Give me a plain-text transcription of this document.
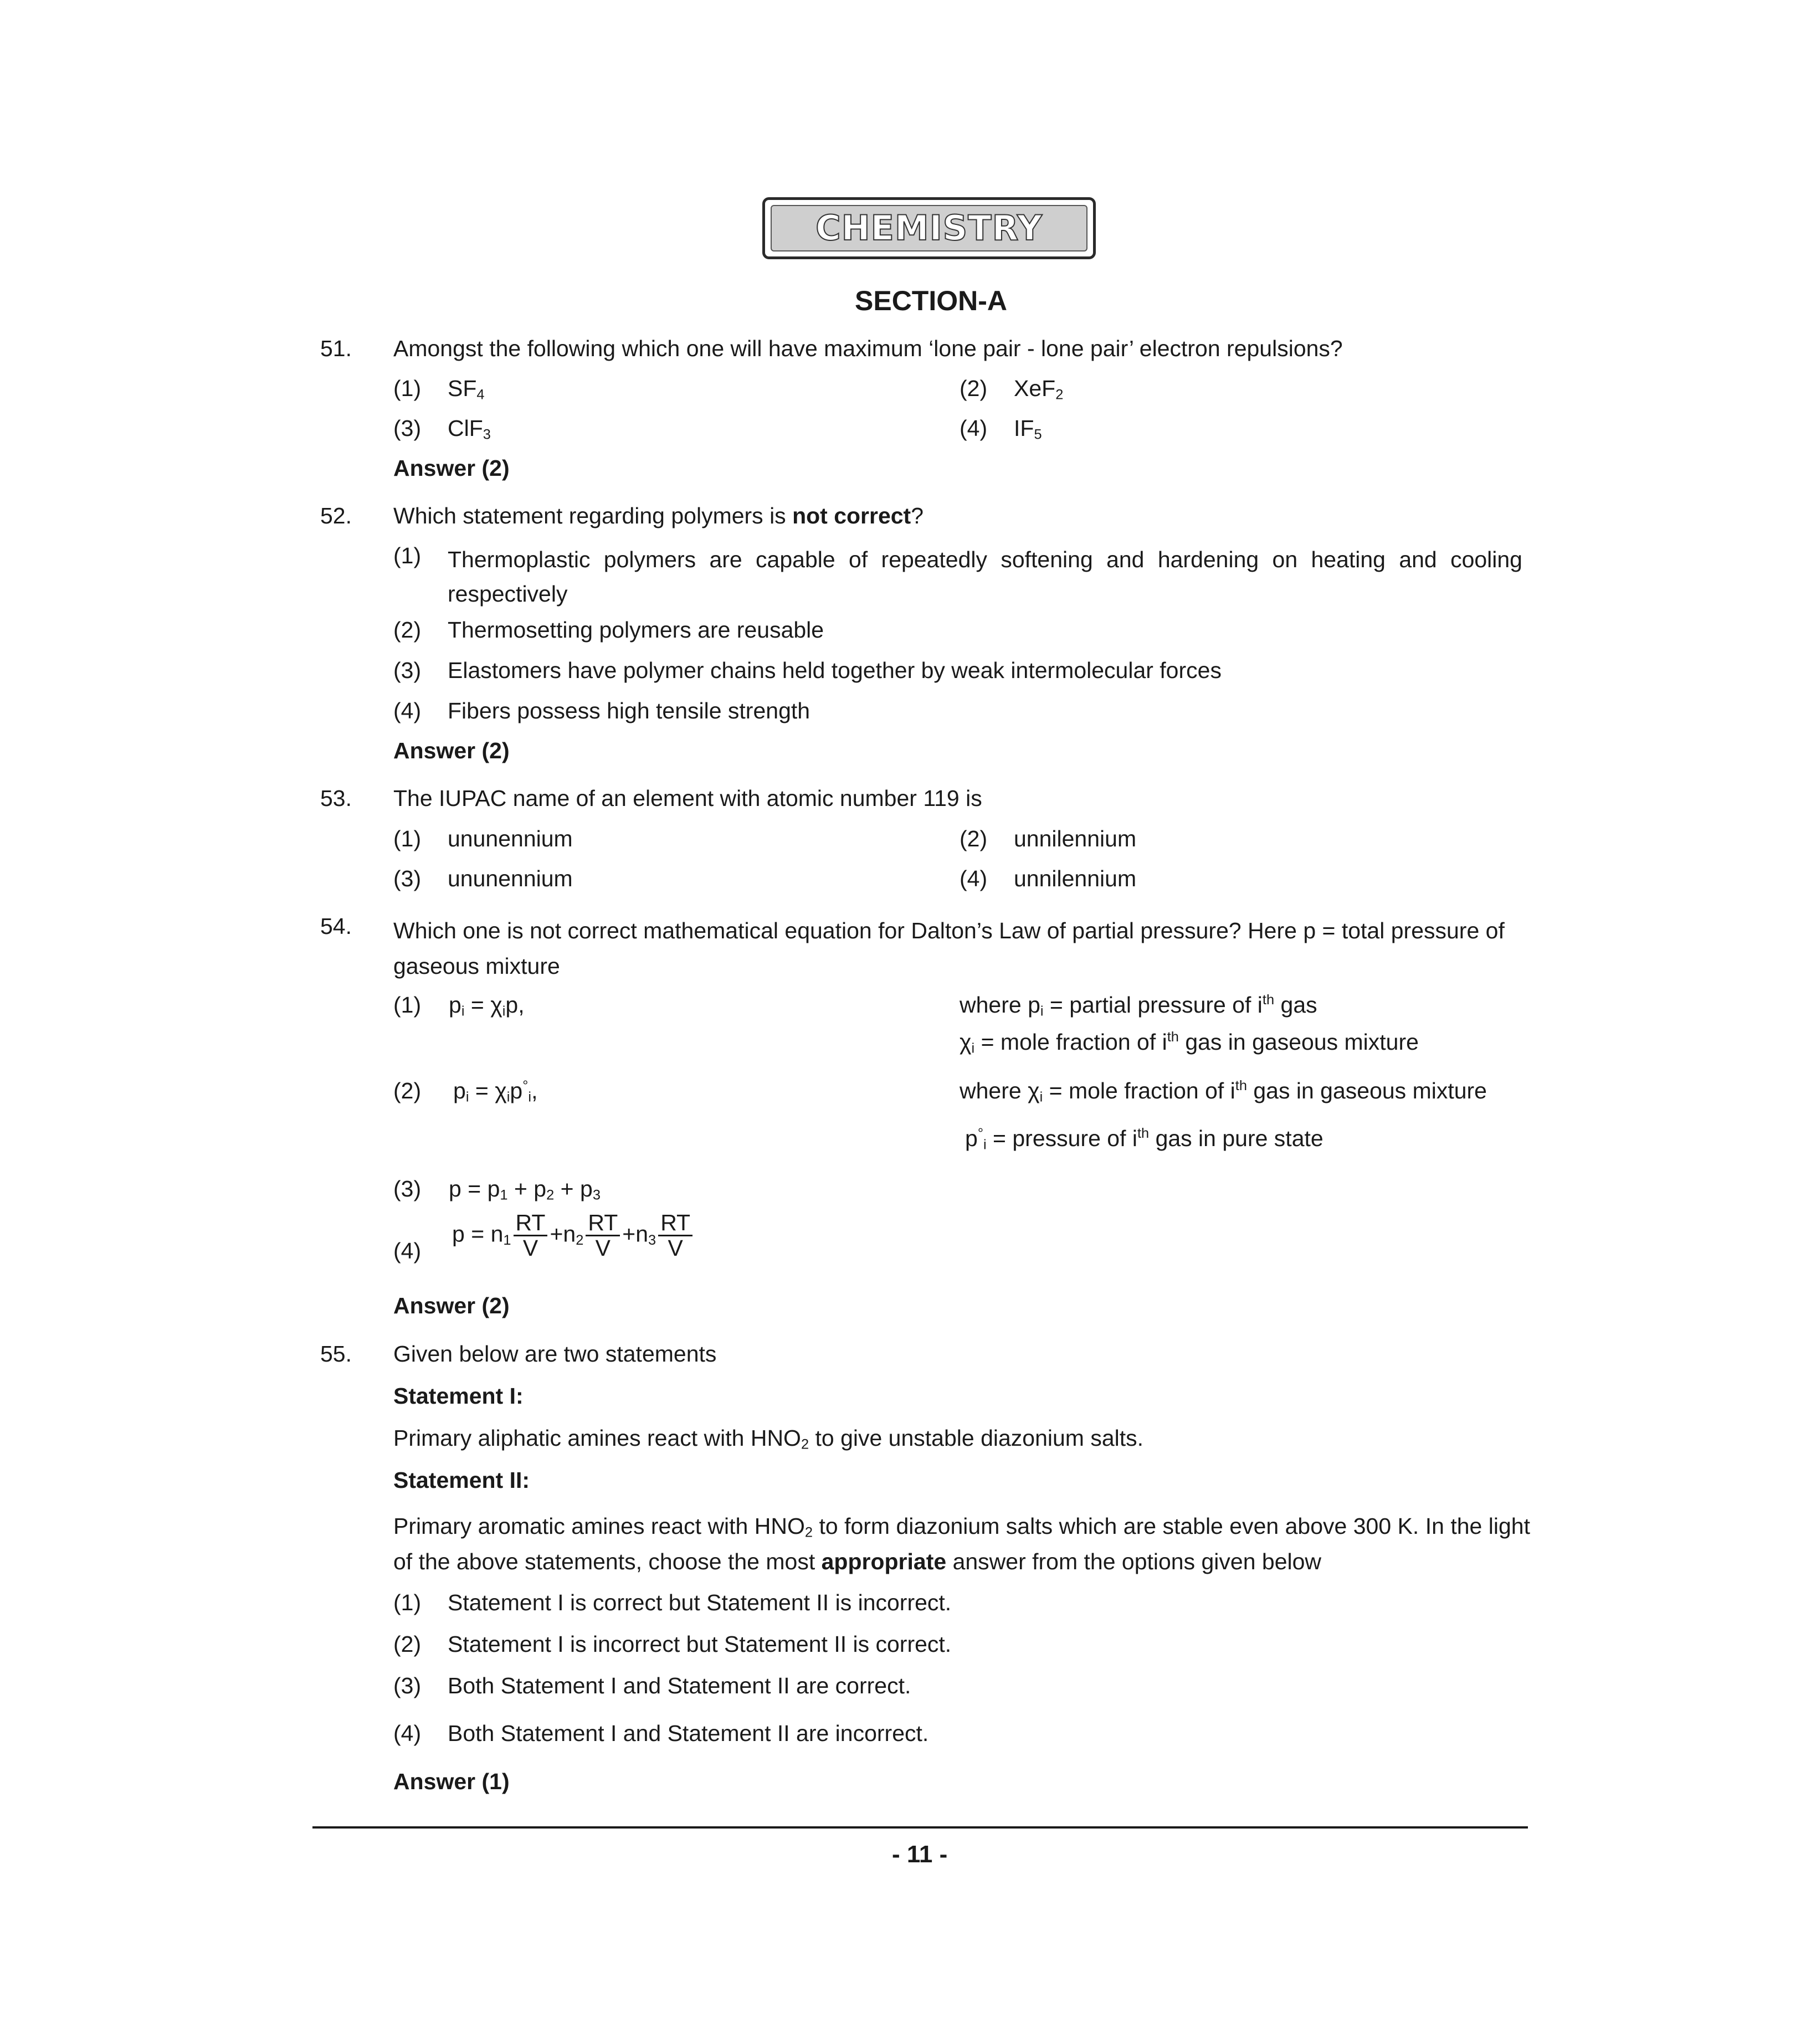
CHEMISTRY
SECTION-A
51. Amongst the following which one will have maximum ‘lone pair - lone pair’ electron repulsions?
(1) $SF_4$	(2) XeF$_2$
(3) ClF$_3$	(4) $IF_5$
Answer (2)
52. Which statement regarding polymers is not correct?
(1) Thermoplastic polymers are capable of repeatedly softening and hardening on heating and cooling respectively
(2) Thermosetting polymers are reusable
(3) Elastomers have polymer chains held together by weak intermolecular forces
(4) Fibers possess high tensile strength
Answer (2)
53. The IUPAC name of an element with atomic number 119 is
(1) ununennium	(2) unnilennium
(3) ununennium	(4) unnilennium
54. Which one is not correct mathematical equation for Dalton’s Law of partial pressure? Here p = total pressure of gaseous mixture
(1) $p_i = \chi_ip$,	where $p_i$ = partial pressure of $i^{th}$ gas
$\chi_i$ = mole fraction of $i^{th}$ gas in gaseous mixture
(2) $p_i = \chi_ip^\circ_i$,	where $\chi_i$ = mole fraction of $i^{th}$ gas in gaseous mixture
$p^\circ_i$ = pressure of $i^{th}$ gas in pure state
(3) $p = p_1 + p_2 + p_3$
(4)
$p = n_1 \frac{RT}{V} +n_2 \frac{RT}{V} +n_3 \frac{RT}{V}$
Answer (2)
55. Given below are two statements
Statement I:
Primary aliphatic amines react with $HNO_2$ to give unstable diazonium salts.
Statement II:
Primary aromatic amines react with $HNO_2$ to form diazonium salts which are stable even above 300 K. In the light of the above statements, choose the most appropriate answer from the options given below
(1) Statement I is correct but Statement II is incorrect.
(2) Statement I is incorrect but Statement II is correct.
(3) Both Statement I and Statement II are correct.
(4) Both Statement I and Statement II are incorrect.
Answer (1)
- 11 -
